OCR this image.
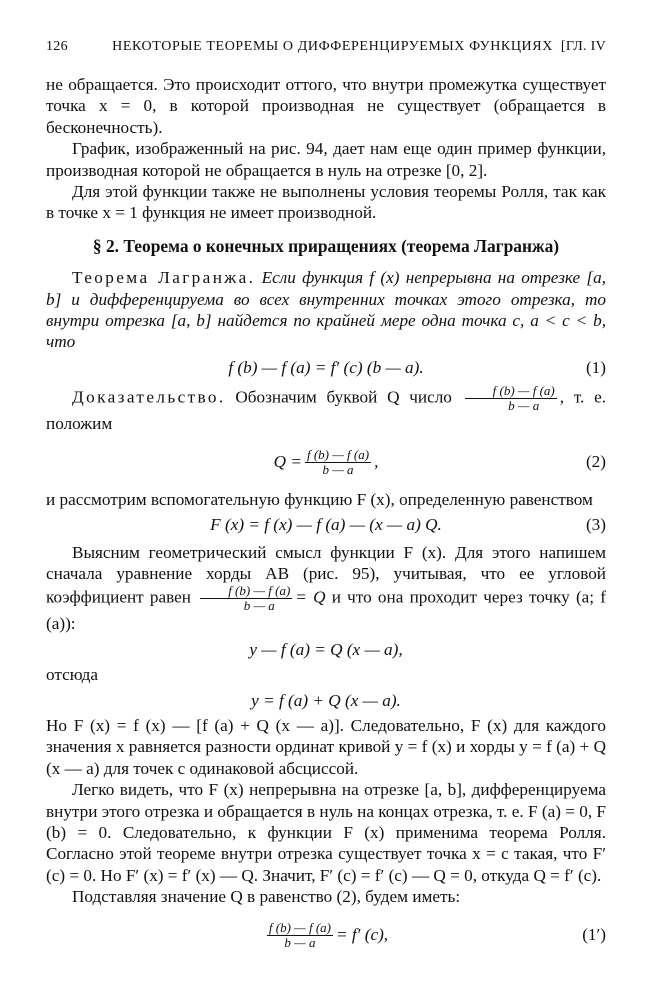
126	НЕКОТОРЫЕ ТЕОРЕМЫ О ДИФФЕРЕНЦИРУЕМЫХ ФУНКЦИЯХ [ГЛ. IV

не обращается. Это происходит оттого, что внутри промежутка существует точка x = 0, в которой производная не существует (обращается в бесконечность).

График, изображенный на рис. 94, дает нам еще один пример функции, производная которой не обращается в нуль на отрезке [0, 2].

Для этой функции также не выполнены условия теоремы Ролля, так как в точке x = 1 функция не имеет производной.

§ 2. Теорема о конечных приращениях (теорема Лагранжа)

Теорема Лагранжа. Если функция f (x) непрерывна на отрезке [a, b] и дифференцируема во всех внутренних точках этого отрезка, то внутри отрезка [a, b] найдется по крайней мере одна точка c, a < c < b, что

f (b) — f (a) = f′ (c) (b — a).	(1)

Доказательство. Обозначим буквой Q число $\frac{f (b) — f (a)}{b — a}$ , т. е. положим

$Q = \frac{f (b) — f (a)}{b — a}$ ,	(2)

и рассмотрим вспомогательную функцию F (x), определенную равенством

F (x) = f (x) — f (a) — (x — a) Q.	(3)

Выясним геометрический смысл функции F (x). Для этого напишем сначала уравнение хорды AB (рис. 95), учитывая, что ее угловой коэффициент равен $\frac{f (b) — f (a)}{b — a} = Q$ и что она проходит через точку (a; f (a)):

y — f (a) = Q (x — a),

отсюда

y = f (a) + Q (x — a).

Но F (x) = f (x) — [f (a) + Q (x — a)]. Следовательно, F (x) для каждого значения x равняется разности ординат кривой y = f (x) и хорды y = f (a) + Q (x — a) для точек с одинаковой абсциссой.

Легко видеть, что F (x) непрерывна на отрезке [a, b], дифференцируема внутри этого отрезка и обращается в нуль на концах отрезка, т. е. F (a) = 0, F (b) = 0. Следовательно, к функции F (x) применима теорема Ролля. Согласно этой теореме внутри отрезка существует точка x = c такая, что F′ (c) = 0. Но F′ (x) = f′ (x) — Q. Значит, F′ (c) = f′ (c) — Q = 0, откуда Q = f′ (c).

Подставляя значение Q в равенство (2), будем иметь:

$\frac{f (b) — f (a)}{b — a} = f'$ (c),	(1′)
